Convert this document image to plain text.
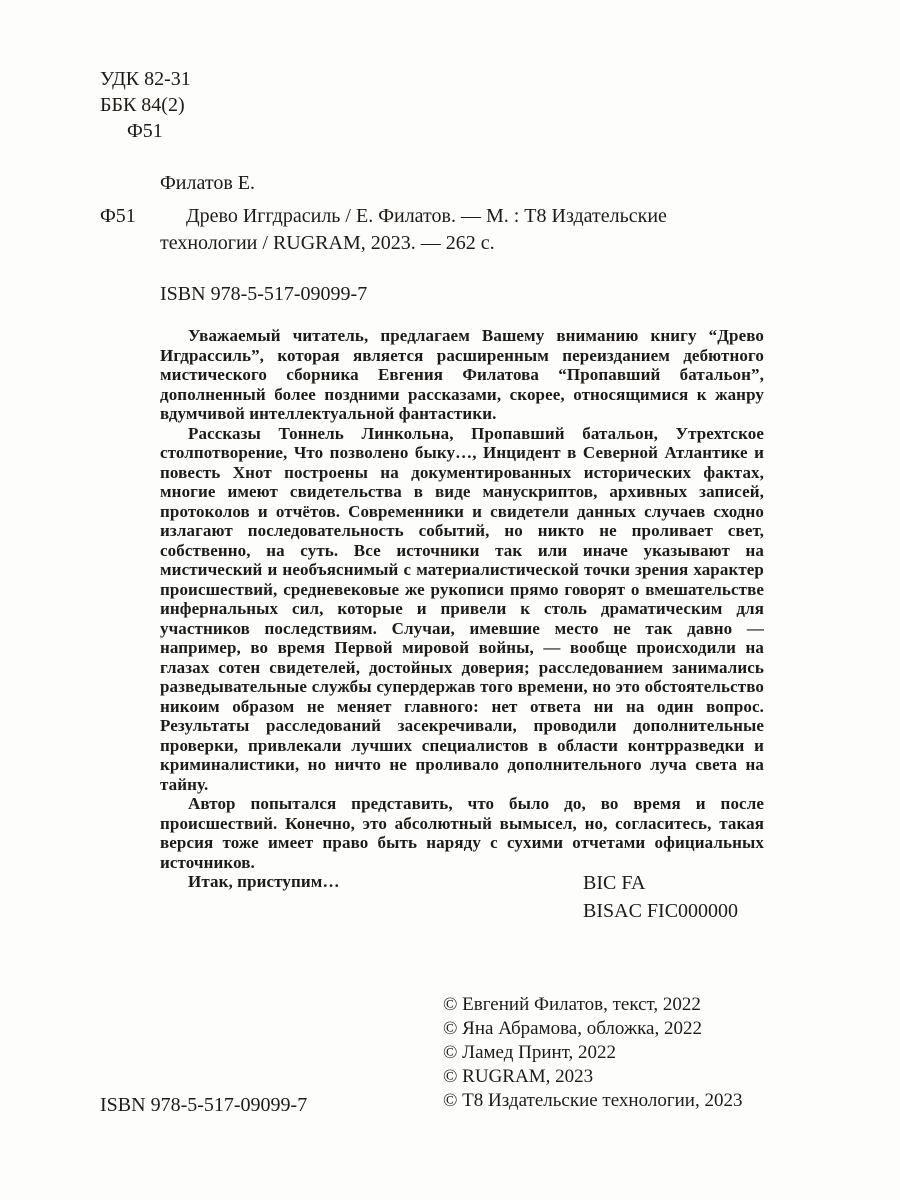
УДК 82-31
ББК 84(2)
Ф51
Филатов Е.
Ф51	Древо Иггдрасиль / Е. Филатов. — М. : Т8 Издательские технологии / RUGRAM, 2023. — 262 с.

ISBN 978-5-517-09099-7

Уважаемый читатель, предлагаем Вашему вниманию книгу “Древо Игдрассиль”, которая является расширенным переизданием дебютного мистического сборника Евгения Филатова “Пропавший батальон”, дополненный более поздними рассказами, скорее, относящимися к жанру вдумчивой интеллектуальной фантастики.

Рассказы Тоннель Линкольна, Пропавший батальон, Утрехтское столпотворение, Что позволено быку…, Инцидент в Северной Атлантике и повесть Хнот построены на документированных исторических фактах, многие имеют свидетельства в виде манускриптов, архивных записей, протоколов и отчётов. Современники и свидетели данных случаев сходно излагают последовательность событий, но никто не проливает свет, собственно, на суть. Все источники так или иначе указывают на мистический и необъяснимый с материалистической точки зрения характер происшествий, средневековые же рукописи прямо говорят о вмешательстве инфернальных сил, которые и привели к столь драматическим для участников последствиям. Случаи, имевшие место не так давно — например, во время Первой мировой войны, — вообще происходили на глазах сотен свидетелей, достойных доверия; расследованием занимались разведывательные службы супердержав того времени, но это обстоятельство никоим образом не меняет главного: нет ответа ни на один вопрос. Результаты расследований засекречивали, проводили дополнительные проверки, привлекали лучших специалистов в области контрразведки и криминалистики, но ничто не проливало дополнительного луча света на тайну.

Автор попытался представить, что было до, во время и после происшествий. Конечно, это абсолютный вымысел, но, согласитесь, такая версия тоже имеет право быть наряду с сухими отчетами официальных источников.

Итак, приступим…	BIC FA
BISAC FIC000000

© Евгений Филатов, текст, 2022

© Яна Абрамова, обложка, 2022

© Ламед Принт, 2022

© RUGRAM, 2023

© Т8 Издательские технологии, 2023

ISBN 978-5-517-09099-7
